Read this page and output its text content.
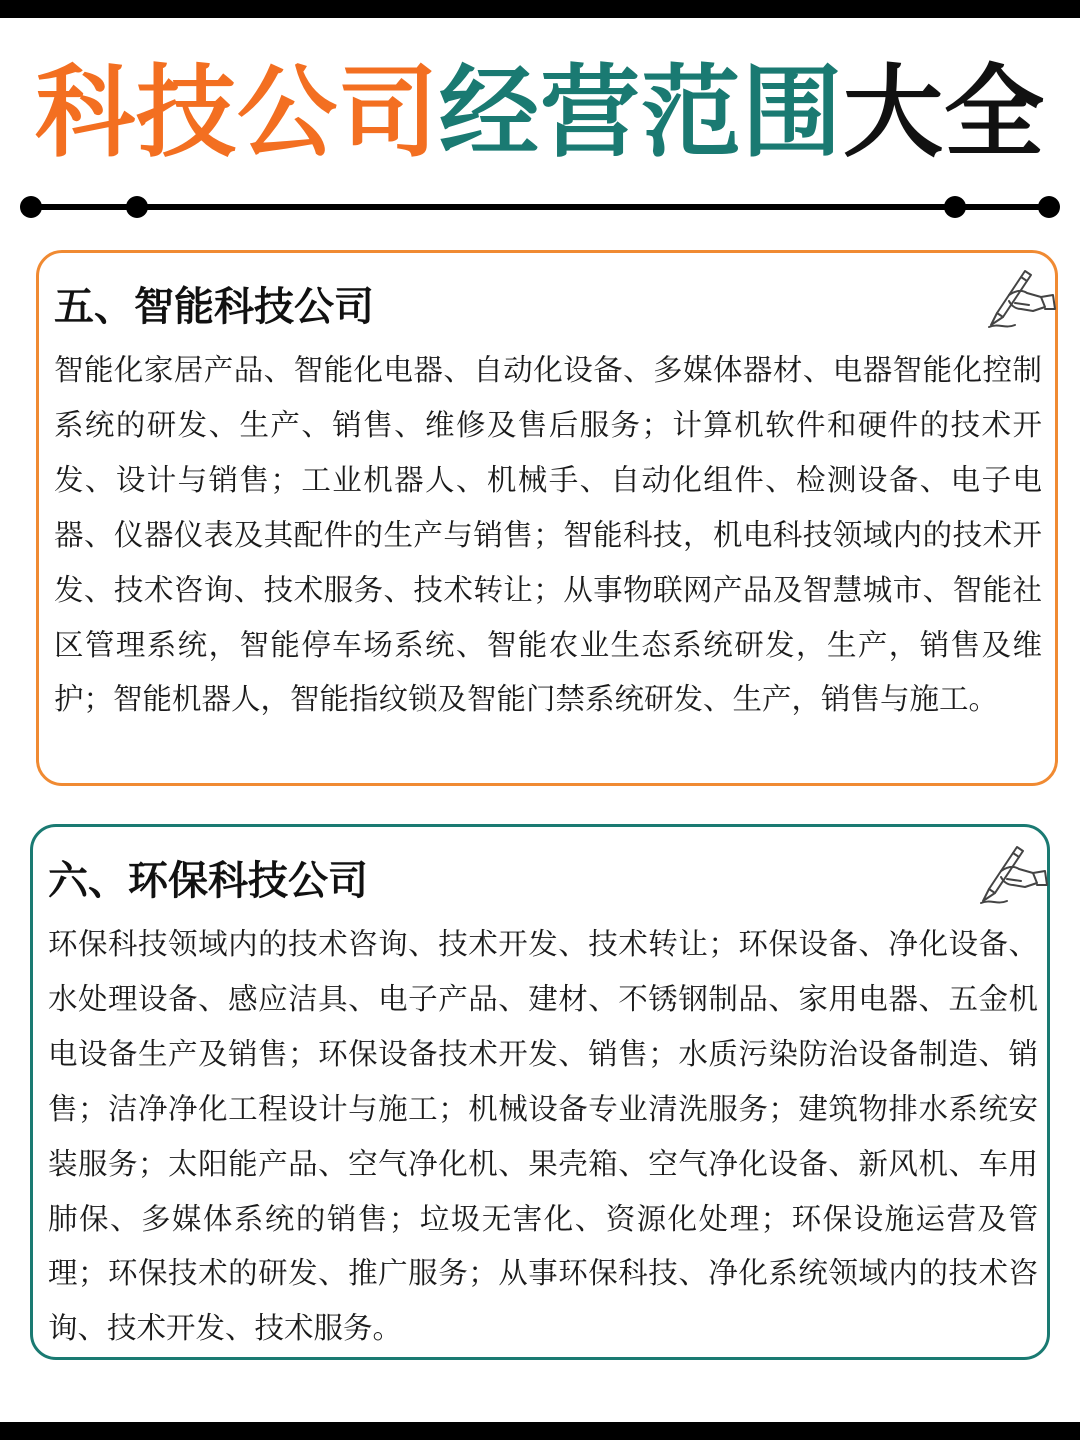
科技公司经营范围大全
五、智能科技公司
智能化家居产品、智能化电器、自动化设备、多媒体器材、电器智能化控制系统的研发、生产、销售、维修及售后服务；计算机软件和硬件的技术开发、设计与销售；工业机器人、机械手、自动化组件、检测设备、电子电器、仪器仪表及其配件的生产与销售；智能科技，机电科技领域内的技术开发、技术咨询、技术服务、技术转让；从事物联网产品及智慧城市、智能社区管理系统，智能停车场系统、智能农业生态系统研发，生产，销售及维护；智能机器人，智能指纹锁及智能门禁系统研发、生产，销售与施工。
六、环保科技公司
环保科技领域内的技术咨询、技术开发、技术转让；环保设备、净化设备、水处理设备、感应洁具、电子产品、建材、不锈钢制品、家用电器、五金机电设备生产及销售；环保设备技术开发、销售；水质污染防治设备制造、销售；洁净净化工程设计与施工；机械设备专业清洗服务；建筑物排水系统安装服务；太阳能产品、空气净化机、果壳箱、空气净化设备、新风机、车用肺保、多媒体系统的销售；垃圾无害化、资源化处理；环保设施运营及管理；环保技术的研发、推广服务；从事环保科技、净化系统领域内的技术咨询、技术开发、技术服务。
